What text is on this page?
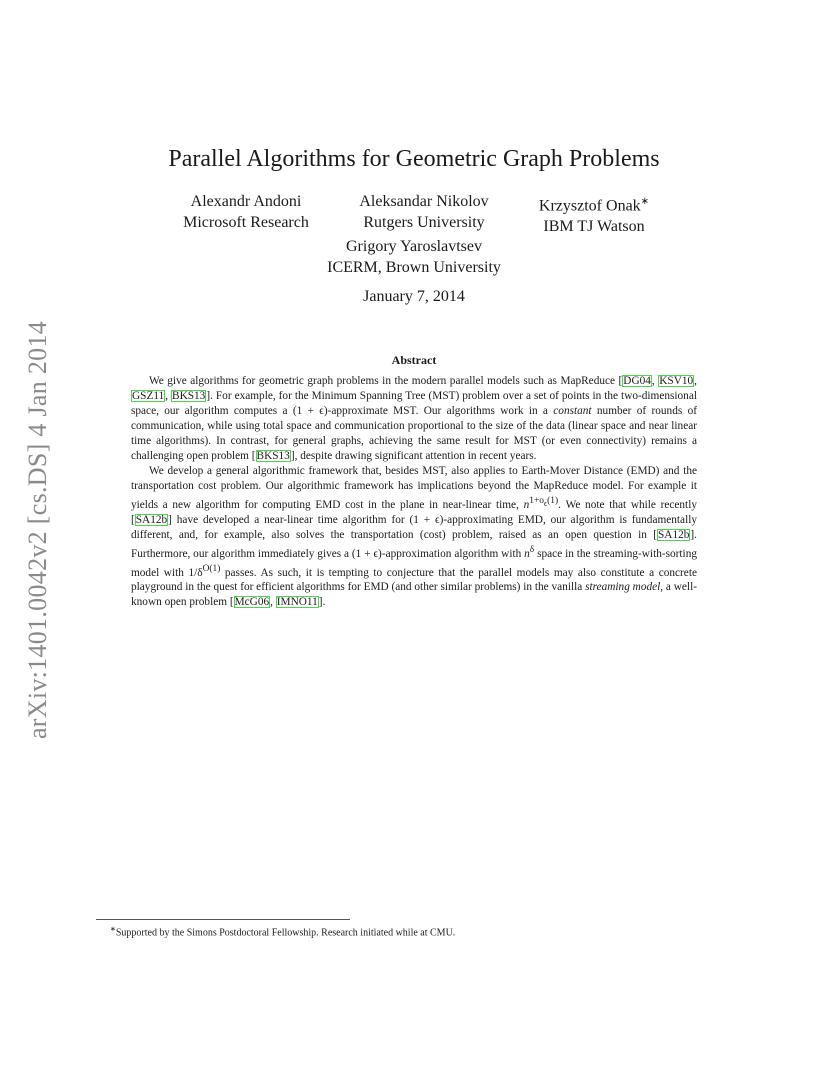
arXiv:1401.0042v2 [cs.DS] 4 Jan 2014
Parallel Algorithms for Geometric Graph Problems
Alexandr Andoni
Microsoft Research
Aleksandar Nikolov
Rutgers University
Krzysztof Onak∗
IBM TJ Watson
Grigory Yaroslavtsev
ICERM, Brown University
January 7, 2014
Abstract

We give algorithms for geometric graph problems in the modern parallel models such as MapReduce [DG04, KSV10, GSZ11, BKS13]. For example, for the Minimum Spanning Tree (MST) problem over a set of points in the two-dimensional space, our algorithm computes a (1 + ϵ)-approximate MST. Our algorithms work in a constant number of rounds of communication, while using total space and communication proportional to the size of the data (linear space and near linear time algorithms). In contrast, for general graphs, achieving the same result for MST (or even connectivity) remains a challenging open problem [BKS13], despite drawing significant attention in recent years.

We develop a general algorithmic framework that, besides MST, also applies to Earth-Mover Distance (EMD) and the transportation cost problem. Our algorithmic framework has implications beyond the MapReduce model. For example it yields a new algorithm for computing EMD cost in the plane in near-linear time, $n^{1+o_\epsilon(1)}$. We note that while recently [SA12b] have developed a near-linear time algorithm for (1 + ϵ)-approximating EMD, our algorithm is fundamentally different, and, for example, also solves the transportation (cost) problem, raised as an open question in [SA12b]. Furthermore, our algorithm immediately gives a (1 + ϵ)-approximation algorithm with $n^\delta$ space in the streaming-with-sorting model with $1/\delta^{O(1)}$ passes. As such, it is tempting to conjecture that the parallel models may also constitute a concrete playground in the quest for efficient algorithms for EMD (and other similar problems) in the vanilla streaming model, a well-known open problem [McG06, IMNO11].

∗Supported by the Simons Postdoctoral Fellowship. Research initiated while at CMU.
